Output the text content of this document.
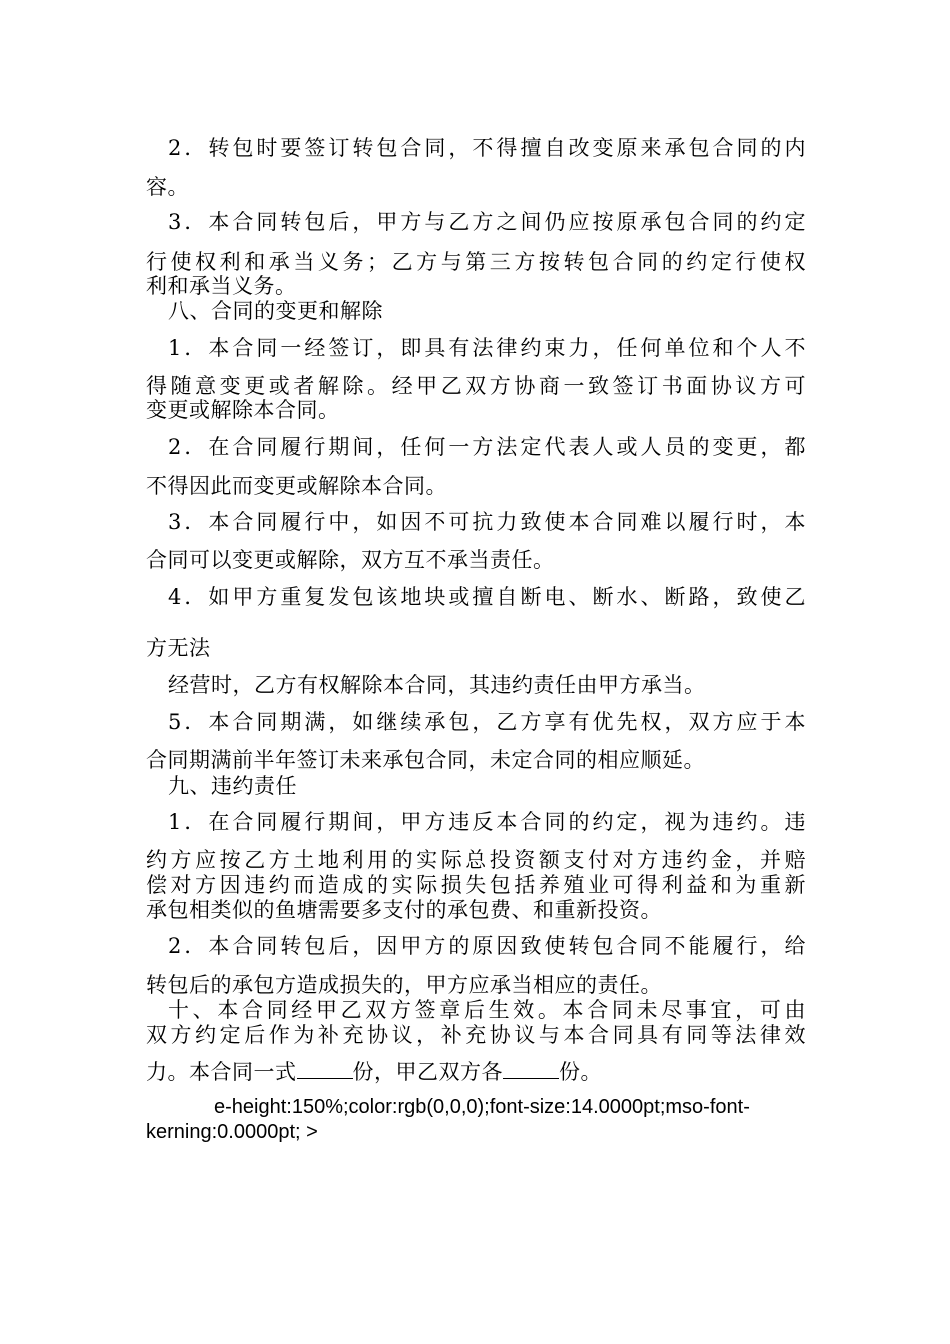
2．转包时要签订转包合同，不得擅自改变原来承包合同的内
容。
3．本合同转包后，甲方与乙方之间仍应按原承包合同的约定
行使权利和承当义务；乙方与第三方按转包合同的约定行使权
利和承当义务。
八、合同的变更和解除
1．本合同一经签订，即具有法律约束力，任何单位和个人不
得随意变更或者解除。经甲乙双方协商一致签订书面协议方可
变更或解除本合同。
2．在合同履行期间，任何一方法定代表人或人员的变更，都
不得因此而变更或解除本合同。
3．本合同履行中，如因不可抗力致使本合同难以履行时，本
合同可以变更或解除，双方互不承当责任。
4．如甲方重复发包该地块或擅自断电、断水、断路，致使乙
方无法
经营时，乙方有权解除本合同，其违约责任由甲方承当。
5．本合同期满，如继续承包，乙方享有优先权，双方应于本
合同期满前半年签订未来承包合同，未定合同的相应顺延。
九、违约责任
1．在合同履行期间，甲方违反本合同的约定，视为违约。违
约方应按乙方土地利用的实际总投资额支付对方违约金，并赔
偿对方因违约而造成的实际损失包括养殖业可得利益和为重新
承包相类似的鱼塘需要多支付的承包费、和重新投资。
2．本合同转包后，因甲方的原因致使转包合同不能履行，给
转包后的承包方造成损失的，甲方应承当相应的责任。
十、本合同经甲乙双方签章后生效。本合同未尽事宜，可由
双方约定后作为补充协议，补充协议与本合同具有同等法律效
力。本合同一式	份，甲乙双方各	份。
e-height:150%;color:rgb(0,0,0);font-size:14.0000pt;mso-font-
kerning:0.0000pt; >
